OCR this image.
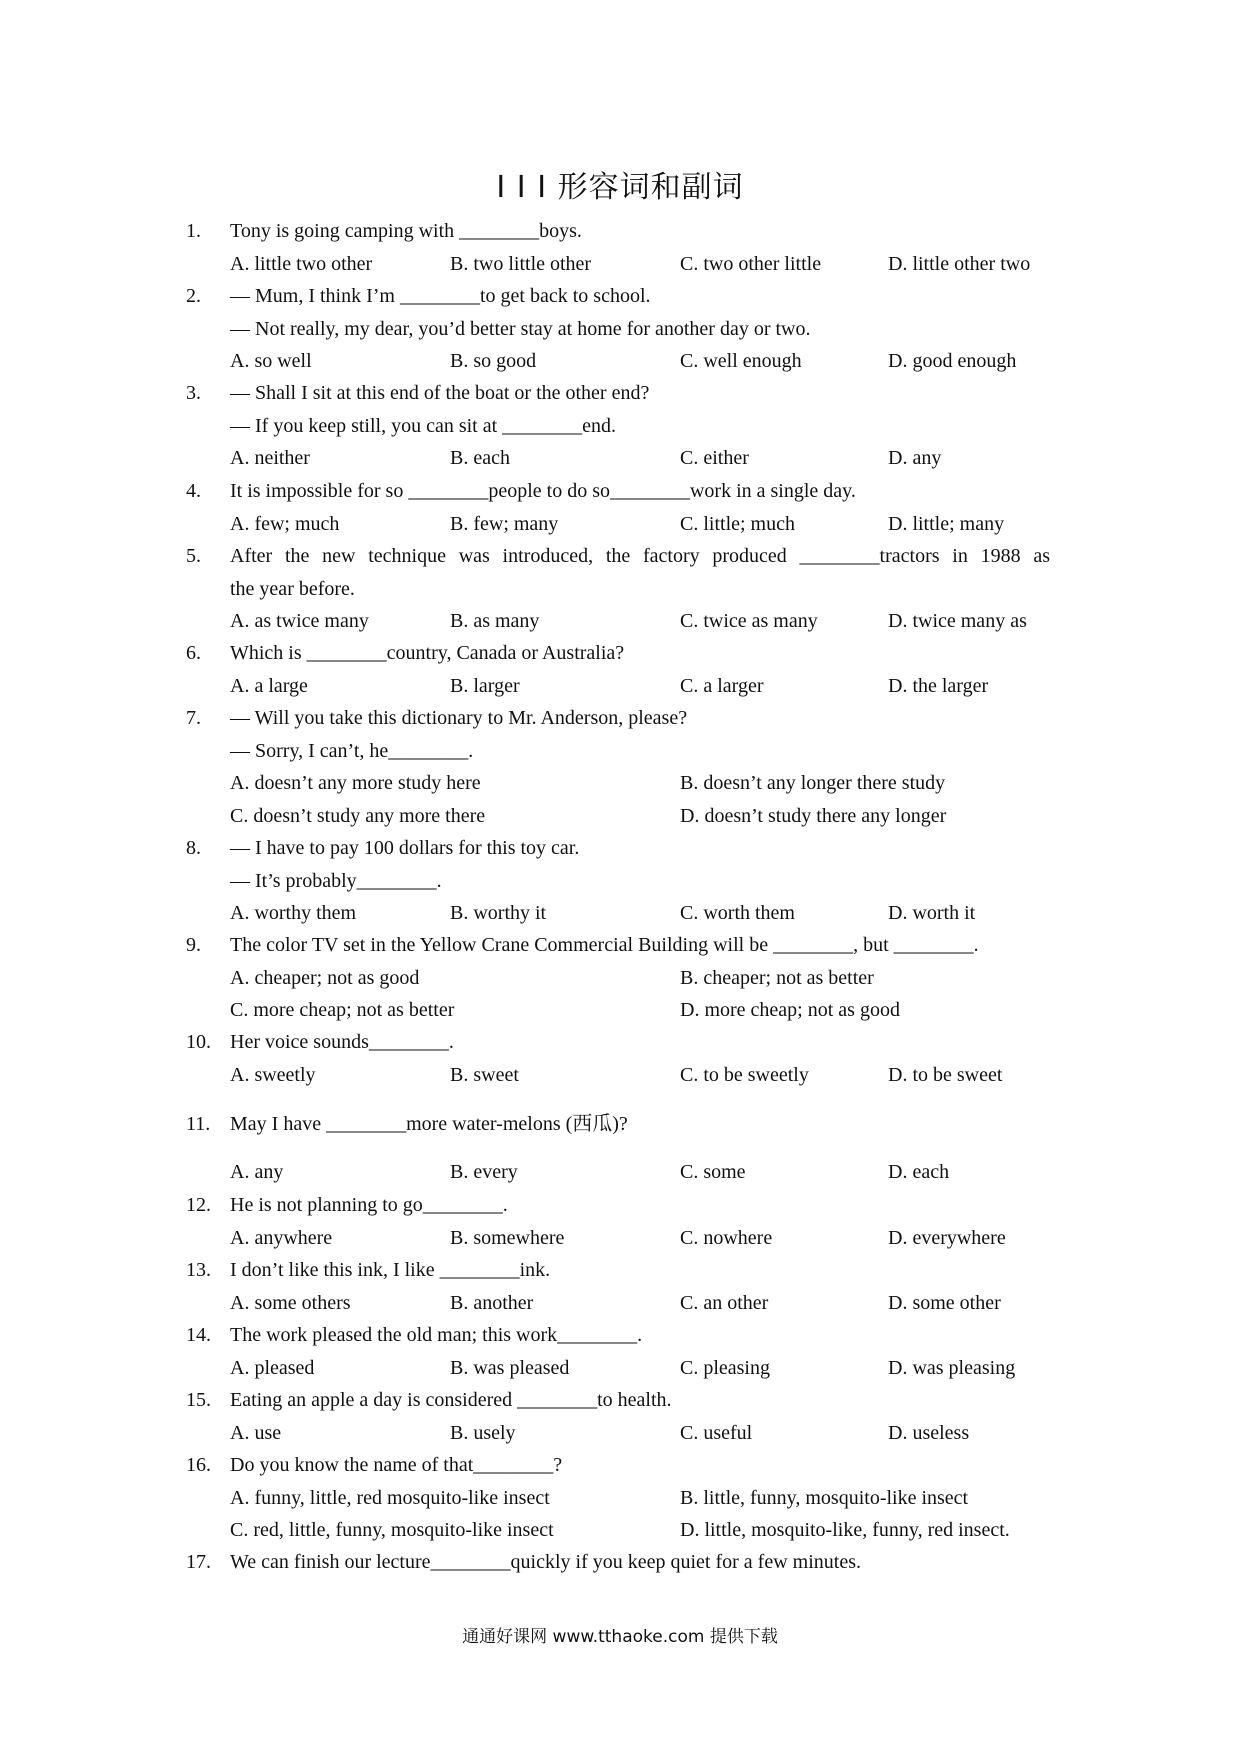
I I I 形容词和副词
1. Tony is going camping with ________boys.
A. little two other	B. two little other	C. two other little	D. little other two
2. — Mum, I think I’m ________to get back to school.
— Not really, my dear, you’d better stay at home for another day or two.
A. so well	B. so good	C. well enough	D. good enough
3. — Shall I sit at this end of the boat or the other end?
— If you keep still, you can sit at ________end.
A. neither	B. each	C. either	D. any
4. It is impossible for so ________people to do so________work in a single day.
A. few; much	B. few; many	C. little; much	D. little; many
5. After the new technique was introduced, the factory produced ________tractors in 1988 as
the year before.
A. as twice many	B. as many	C. twice as many	D. twice many as
6. Which is ________country, Canada or Australia?
A. a large	B. larger	C. a larger	D. the larger
7. — Will you take this dictionary to Mr. Anderson, please?
— Sorry, I can’t, he________.
A. doesn’t any more study here	B. doesn’t any longer there study
C. doesn’t study any more there	D. doesn’t study there any longer
8. — I have to pay 100 dollars for this toy car.
— It’s probably________.
A. worthy them	B. worthy it	C. worth them	D. worth it
9. The color TV set in the Yellow Crane Commercial Building will be ________, but ________.
A. cheaper; not as good	B. cheaper; not as better
C. more cheap; not as better	D. more cheap; not as good
10. Her voice sounds________.
A. sweetly	B. sweet	C. to be sweetly	D. to be sweet
11. May I have ________more water-melons (西瓜)?
A. any	B. every	C. some	D. each
12. He is not planning to go________.
A. anywhere	B. somewhere	C. nowhere	D. everywhere
13. I don’t like this ink, I like ________ink.
A. some others	B. another	C. an other	D. some other
14. The work pleased the old man; this work________.
A. pleased	B. was pleased	C. pleasing	D. was pleasing
15. Eating an apple a day is considered ________to health.
A. use	B. usely	C. useful	D. useless
16. Do you know the name of that________?
A. funny, little, red mosquito-like insect	B. little, funny, mosquito-like insect
C. red, little, funny, mosquito-like insect	D. little, mosquito-like, funny, red insect.
17. We can finish our lecture________quickly if you keep quiet for a few minutes.
通通好课网 www.tthaoke.com 提供下载
